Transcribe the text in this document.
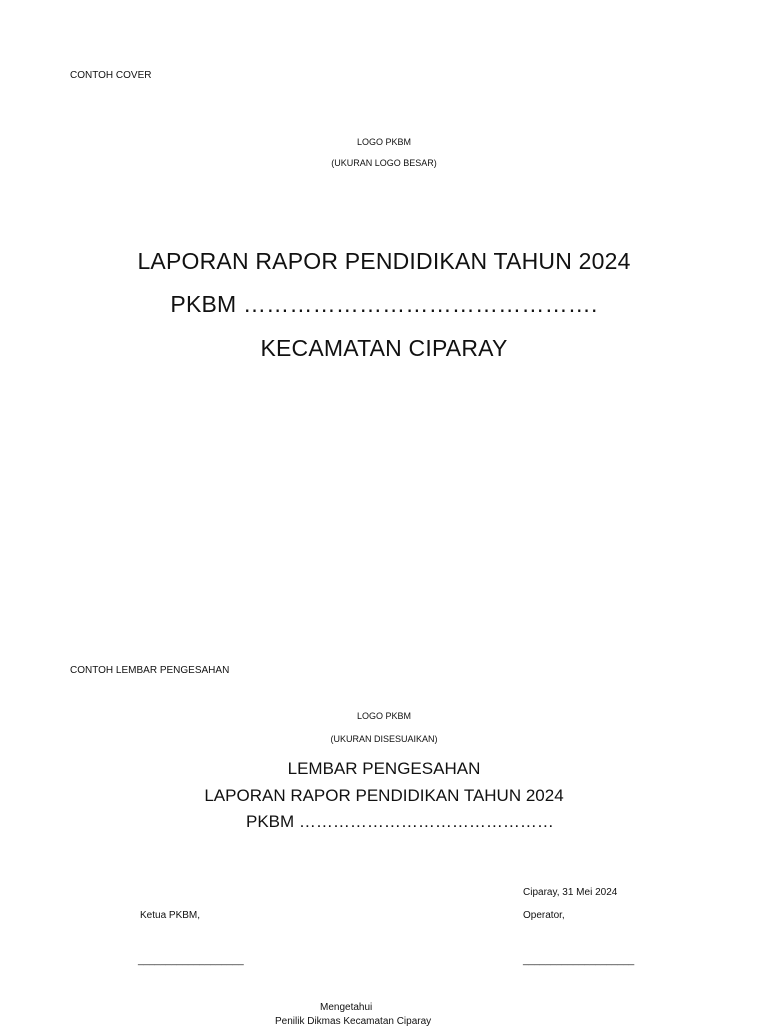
CONTOH COVER
LOGO PKBM
(UKURAN LOGO BESAR)
LAPORAN RAPOR PENDIDIKAN TAHUN 2024
PKBM ……………………………………….
KECAMATAN CIPARAY
CONTOH LEMBAR PENGESAHAN
LOGO PKBM
(UKURAN DISESUAIKAN)
LEMBAR PENGESAHAN
LAPORAN RAPOR PENDIDIKAN TAHUN 2024
PKBM ………………………………………
Ciparay, 31 Mei 2024
Ketua PKBM,	Operator,
___________________	____________________
Mengetahui
Penilik Dikmas Kecamatan Ciparay
